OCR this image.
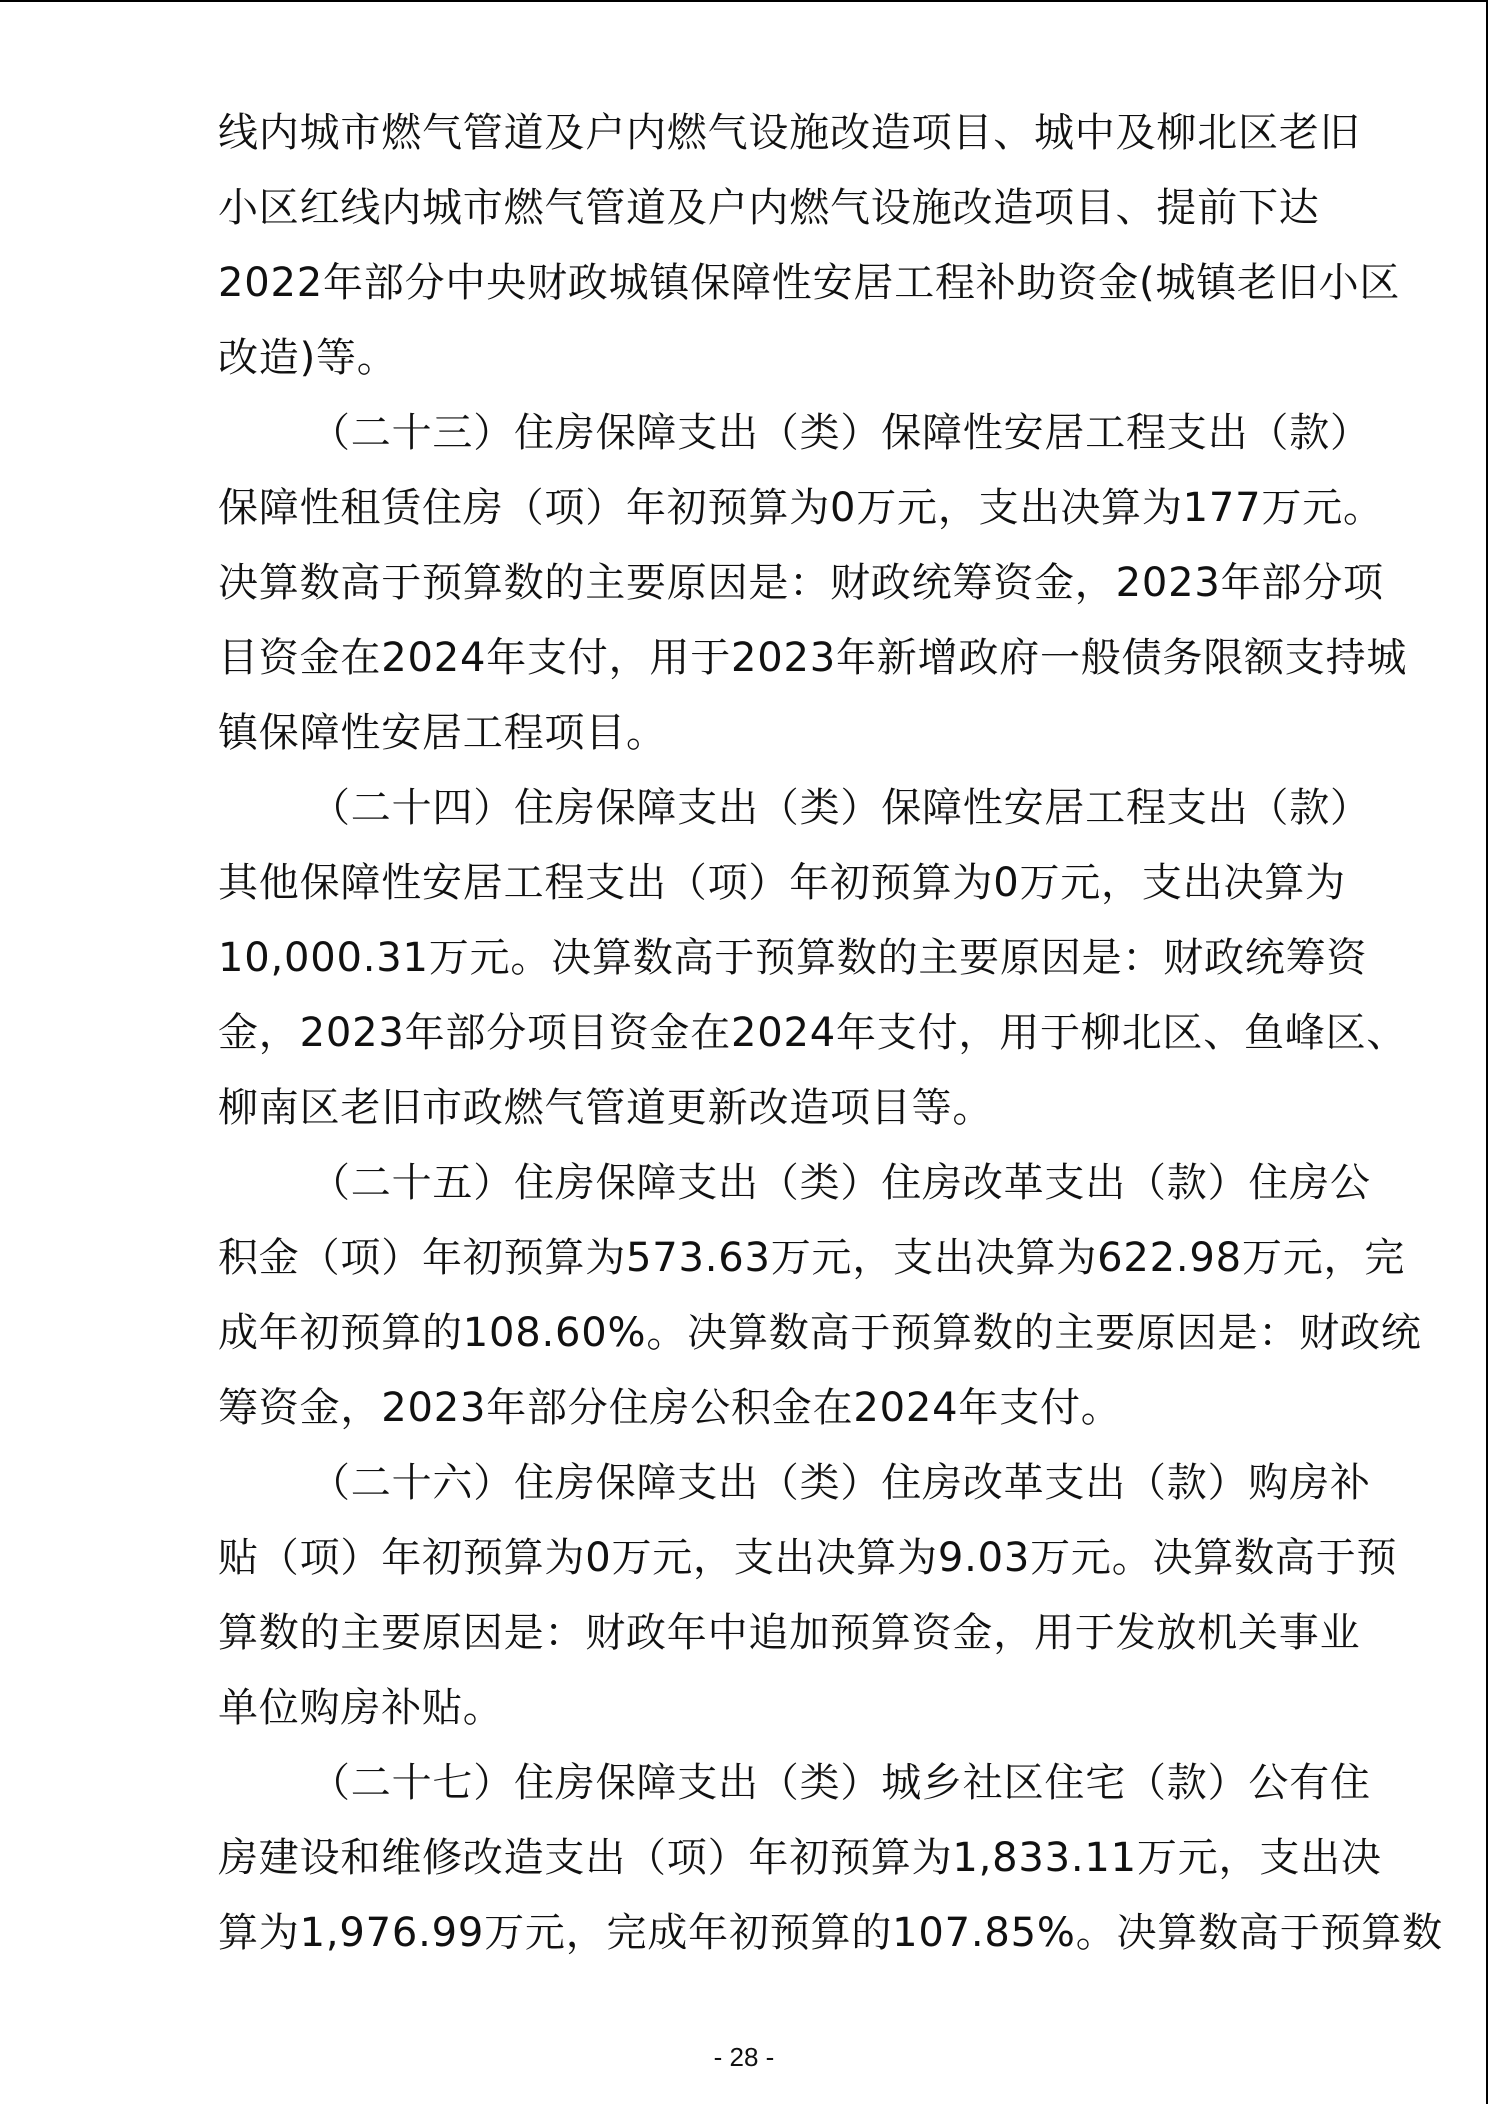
线内城市燃气管道及户内燃气设施改造项目、城中及柳北区老旧
小区红线内城市燃气管道及户内燃气设施改造项目、提前下达
2022年部分中央财政城镇保障性安居工程补助资金(城镇老旧小区
改造)等。
（二十三）住房保障支出（类）保障性安居工程支出（款）
保障性租赁住房（项）年初预算为0万元，支出决算为177万元。
决算数高于预算数的主要原因是：财政统筹资金，2023年部分项
目资金在2024年支付，用于2023年新增政府一般债务限额支持城
镇保障性安居工程项目。
（二十四）住房保障支出（类）保障性安居工程支出（款）
其他保障性安居工程支出（项）年初预算为0万元，支出决算为
10,000.31万元。决算数高于预算数的主要原因是：财政统筹资
金，2023年部分项目资金在2024年支付，用于柳北区、鱼峰区、
柳南区老旧市政燃气管道更新改造项目等。
（二十五）住房保障支出（类）住房改革支出（款）住房公
积金（项）年初预算为573.63万元，支出决算为622.98万元，完
成年初预算的108.60%。决算数高于预算数的主要原因是：财政统
筹资金，2023年部分住房公积金在2024年支付。
（二十六）住房保障支出（类）住房改革支出（款）购房补
贴（项）年初预算为0万元，支出决算为9.03万元。决算数高于预
算数的主要原因是：财政年中追加预算资金，用于发放机关事业
单位购房补贴。
（二十七）住房保障支出（类）城乡社区住宅（款）公有住
房建设和维修改造支出（项）年初预算为1,833.11万元，支出决
算为1,976.99万元，完成年初预算的107.85%。决算数高于预算数
- 28 -
